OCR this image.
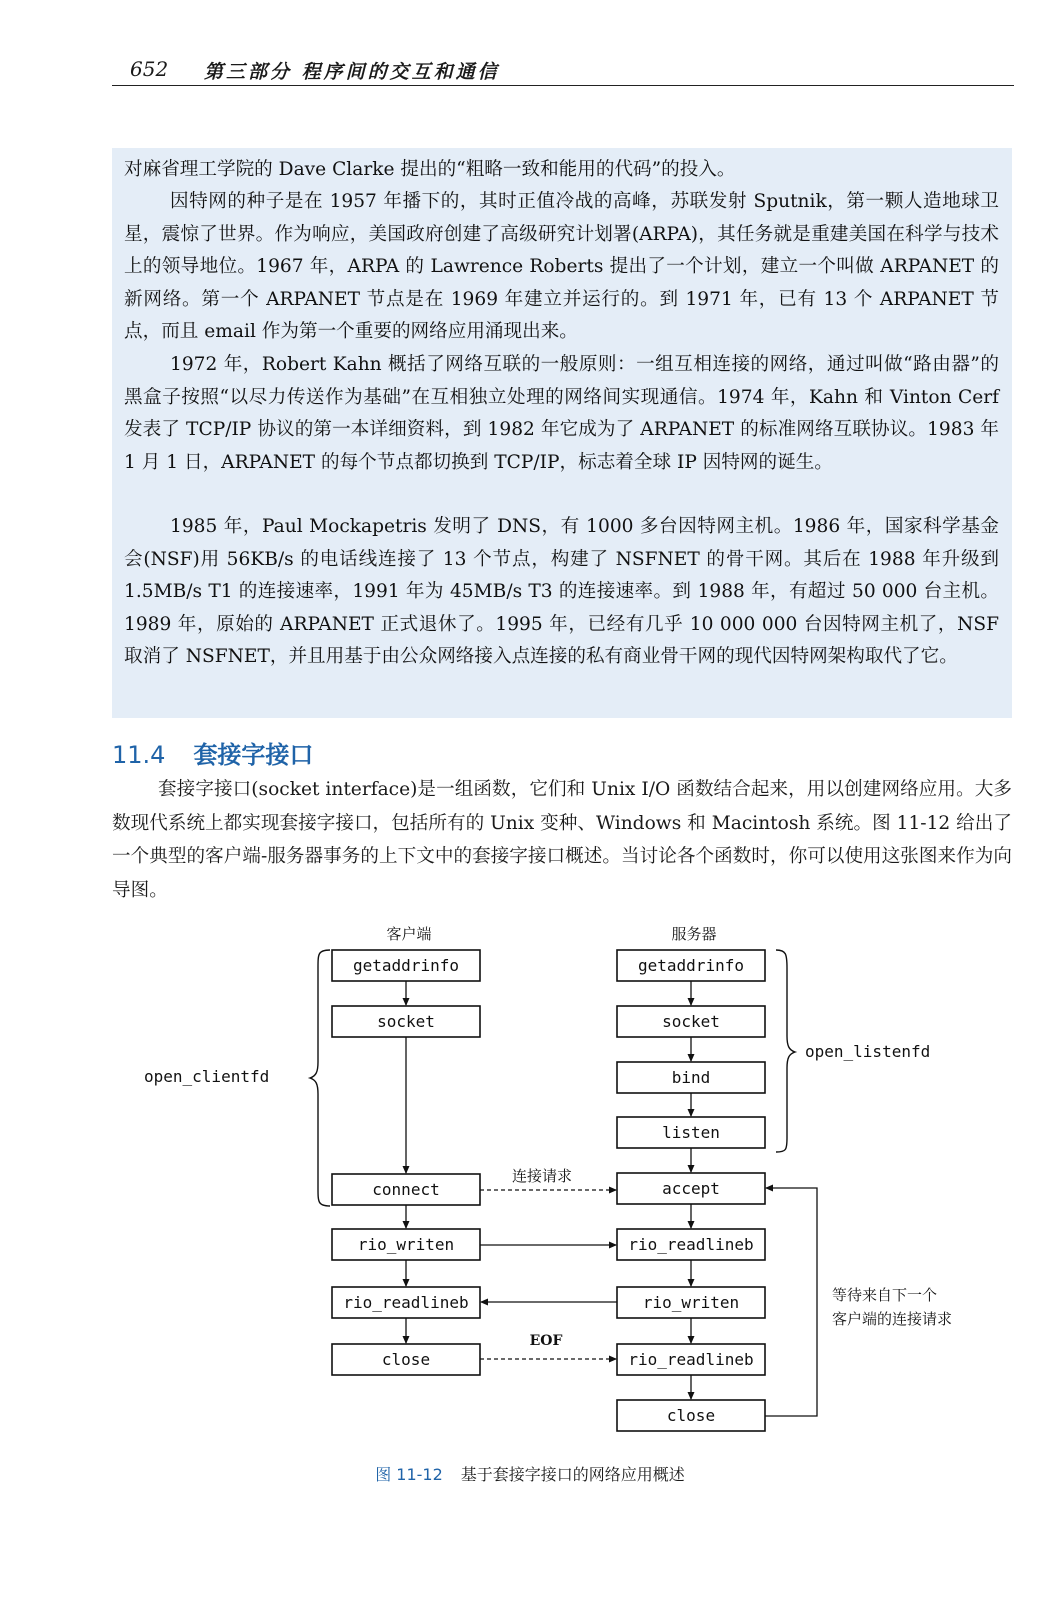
652 第三部分 程序间的交互和通信

对麻省理工学院的 Dave Clarke 提出的“粗略一致和能用的代码”的投入。

因特网的种子是在 1957 年播下的，其时正值冷战的高峰，苏联发射 Sputnik，第一颗人造地球卫星，震惊了世界。作为响应，美国政府创建了高级研究计划署(ARPA)，其任务就是重建美国在科学与技术上的领导地位。1967 年，ARPA 的 Lawrence Roberts 提出了一个计划，建立一个叫做 ARPANET 的新网络。第一个 ARPANET 节点是在 1969 年建立并运行的。到 1971 年，已有 13 个 ARPANET 节点，而且 email 作为第一个重要的网络应用涌现出来。

1972 年，Robert Kahn 概括了网络互联的一般原则：一组互相连接的网络，通过叫做“路由器”的黑盒子按照“以尽力传送作为基础”在互相独立处理的网络间实现通信。1974 年，Kahn 和 Vinton Cerf 发表了 TCP/IP 协议的第一本详细资料，到 1982 年它成为了 ARPANET 的标准网络互联协议。1983 年 1 月 1 日，ARPANET 的每个节点都切换到 TCP/IP，标志着全球 IP 因特网的诞生。

1985 年，Paul Mockapetris 发明了 DNS，有 1000 多台因特网主机。1986 年，国家科学基金会(NSF)用 56KB/s 的电话线连接了 13 个节点，构建了 NSFNET 的骨干网。其后在 1988 年升级到 1.5MB/s T1 的连接速率，1991 年为 45MB/s T3 的连接速率。到 1988 年，有超过 50 000 台主机。1989 年，原始的 ARPANET 正式退休了。1995 年，已经有几乎 10 000 000 台因特网主机了，NSF 取消了 NSFNET，并且用基于由公众网络接入点连接的私有商业骨干网的现代因特网架构取代了它。

11.4 套接字接口

套接字接口(socket interface)是一组函数，它们和 Unix I/O 函数结合起来，用以创建网络应用。大多数现代系统上都实现套接字接口，包括所有的 Unix 变种、Windows 和 Macintosh 系统。图 11-12 给出了一个典型的客户端-服务器事务的上下文中的套接字接口概述。当讨论各个函数时，你可以使用这张图来作为向导图。

客户端	服务器
open_clientfd
open_listenfd
getaddrinfo
socket
connect
rio_writen
rio_readlineb
close
getaddrinfo
socket
bind
listen
accept
rio_readlineb
rio_writen
rio_readlineb
close
连接请求
EOF
等待来自下一个
客户端的连接请求
图 11-12 基于套接字接口的网络应用概述
